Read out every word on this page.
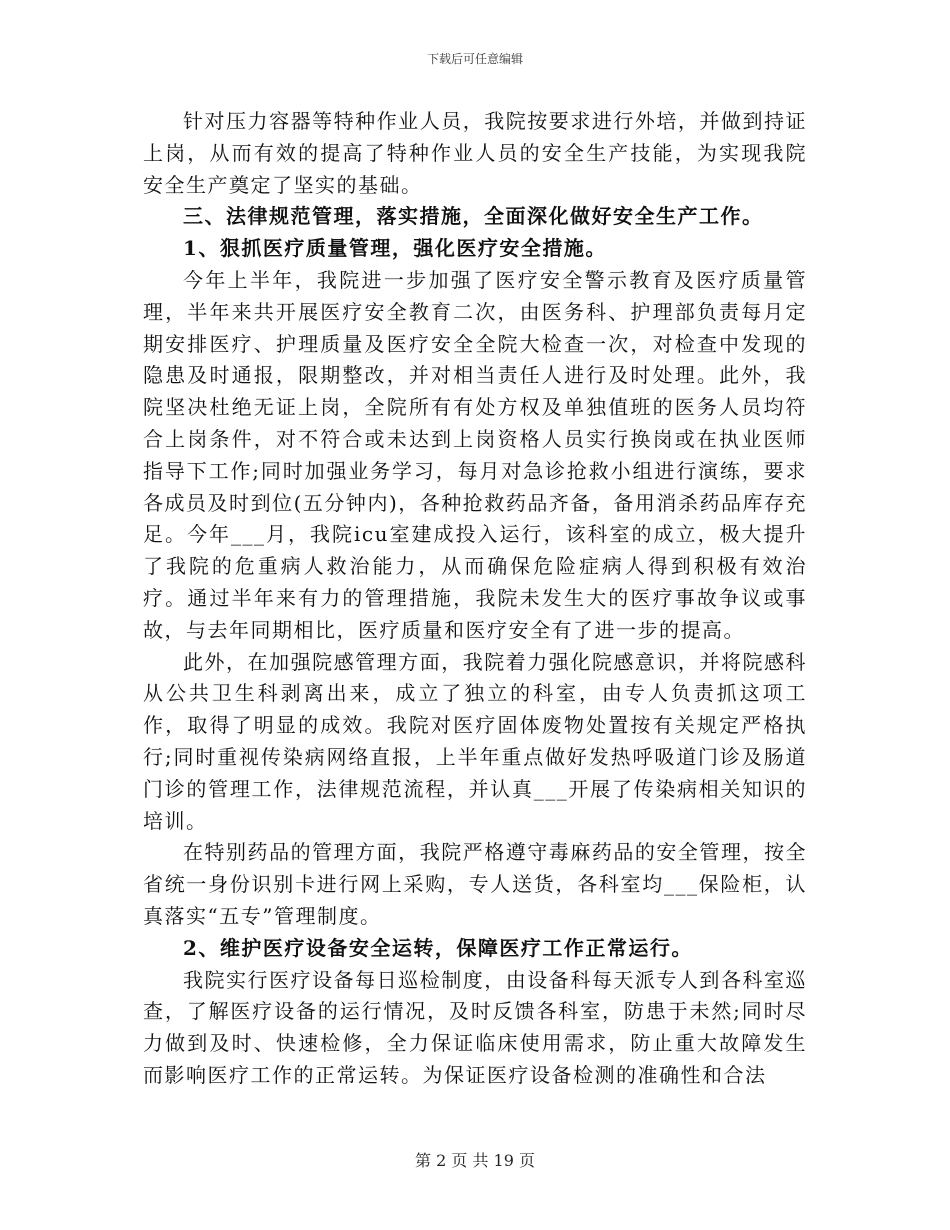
下载后可任意编辑

针对压力容器等特种作业人员，我院按要求进行外培，并做到持证上岗，从而有效的提高了特种作业人员的安全生产技能，为实现我院安全生产奠定了坚实的基础。

三、法律规范管理，落实措施，全面深化做好安全生产工作。

1、狠抓医疗质量管理，强化医疗安全措施。

今年上半年，我院进一步加强了医疗安全警示教育及医疗质量管理，半年来共开展医疗安全教育二次，由医务科、护理部负责每月定期安排医疗、护理质量及医疗安全全院大检查一次，对检查中发现的隐患及时通报，限期整改，并对相当责任人进行及时处理。此外，我院坚决杜绝无证上岗，全院所有有处方权及单独值班的医务人员均符合上岗条件，对不符合或未达到上岗资格人员实行换岗或在执业医师指导下工作;同时加强业务学习，每月对急诊抢救小组进行演练，要求各成员及时到位(五分钟内)，各种抢救药品齐备，备用消杀药品库存充足。今年___月，我院icu室建成投入运行，该科室的成立，极大提升了我院的危重病人救治能力，从而确保危险症病人得到积极有效治疗。通过半年来有力的管理措施，我院未发生大的医疗事故争议或事故，与去年同期相比，医疗质量和医疗安全有了进一步的提高。

此外，在加强院感管理方面，我院着力强化院感意识，并将院感科从公共卫生科剥离出来，成立了独立的科室，由专人负责抓这项工作，取得了明显的成效。我院对医疗固体废物处置按有关规定严格执行;同时重视传染病网络直报，上半年重点做好发热呼吸道门诊及肠道门诊的管理工作，法律规范流程，并认真___开展了传染病相关知识的培训。

在特别药品的管理方面，我院严格遵守毒麻药品的安全管理，按全省统一身份识别卡进行网上采购，专人送货，各科室均___保险柜，认真落实“五专”管理制度。

2、维护医疗设备安全运转，保障医疗工作正常运行。

我院实行医疗设备每日巡检制度，由设备科每天派专人到各科室巡查，了解医疗设备的运行情况，及时反馈各科室，防患于未然;同时尽力做到及时、快速检修，全力保证临床使用需求，防止重大故障发生而影响医疗工作的正常运转。为保证医疗设备检测的准确性和合法

第 2 页 共 19 页
